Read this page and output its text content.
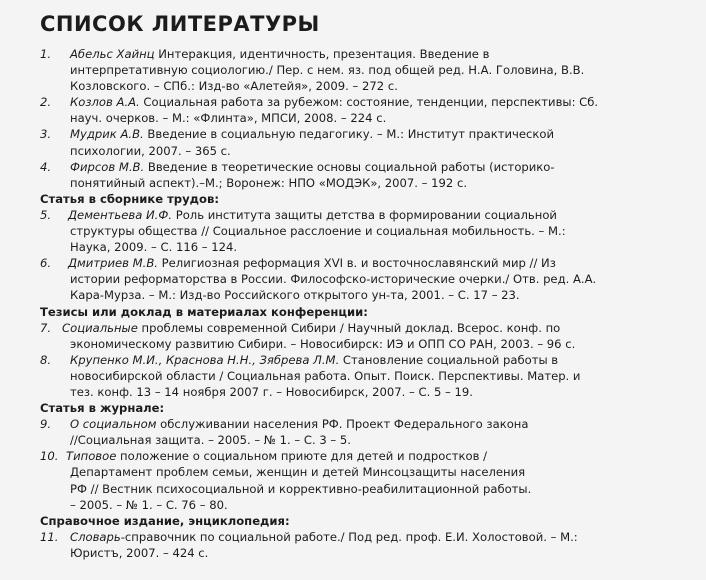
СПИСОК ЛИТЕРАТУРЫ
1.	Абельс Хайнц Интеракция, идентичность, презентация. Введение в
интерпретативную социологию./ Пер. с нем. яз. под общей ред. Н.А. Головина, В.В.
Козловского. – СПб.: Изд-во «Алетейя», 2009. – 272 с.
2.	Козлов А.А. Социальная работа за рубежом: состояние, тенденции, перспективы: Сб.
науч. очерков. – М.: «Флинта», МПСИ, 2008. – 224 с.
3.	Мудрик А.В. Введение в социальную педагогику. – М.: Институт практической
психологии, 2007. – 365 с.
4.	Фирсов М.В. Введение в теоретические основы социальной работы (историко-
понятийный аспект).–М.; Воронеж: НПО «МОДЭК», 2007. – 192 с.
Статья в сборнике трудов:
5.	Дементьева И.Ф. Роль института защиты детства в формировании социальной
структуры общества // Социальное расслоение и социальная мобильность. – М.:
Наука, 2009. – С. 116 – 124.
6.	Дмитриев М.В. Религиозная реформация XVI в. и восточнославянский мир // Из
истории реформаторства в России. Философско-исторические очерки./ Отв. ред. А.А.
Кара-Мурза. – М.: Изд-во Российского открытого ун-та, 2001. – С. 17 – 23.
Тезисы или доклад в материалах конференции:
7. Социальные проблемы современной Сибири / Научный доклад. Всерос. конф. по
экономическому развитию Сибири. – Новосибирск: ИЭ и ОПП СО РАН, 2003. – 96 с.
8.	Крупенко М.И., Краснова Н.Н., Зябрева Л.М. Становление социальной работы в
новосибирской области / Социальная работа. Опыт. Поиск. Перспективы. Матер. и
тез. конф. 13 – 14 ноября 2007 г. – Новосибирск, 2007. – С. 5 – 19.
Статья в журнале:
9.	О социальном обслуживании населения РФ. Проект Федерального закона
//Социальная защита. – 2005. – № 1. – С. 3 – 5.
10. Типовое положение о социальном приюте для детей и подростков /
Департамент проблем семьи, женщин и детей Минсоцзащиты населения
РФ // Вестник психосоциальной и коррективно-реабилитационной работы.
– 2005. – № 1. – С. 76 – 80.
Справочное издание, энциклопедия:
11. Словарь-справочник по социальной работе./ Под ред. проф. Е.И. Холостовой. – М.:
Юристъ, 2007. – 424 с.
